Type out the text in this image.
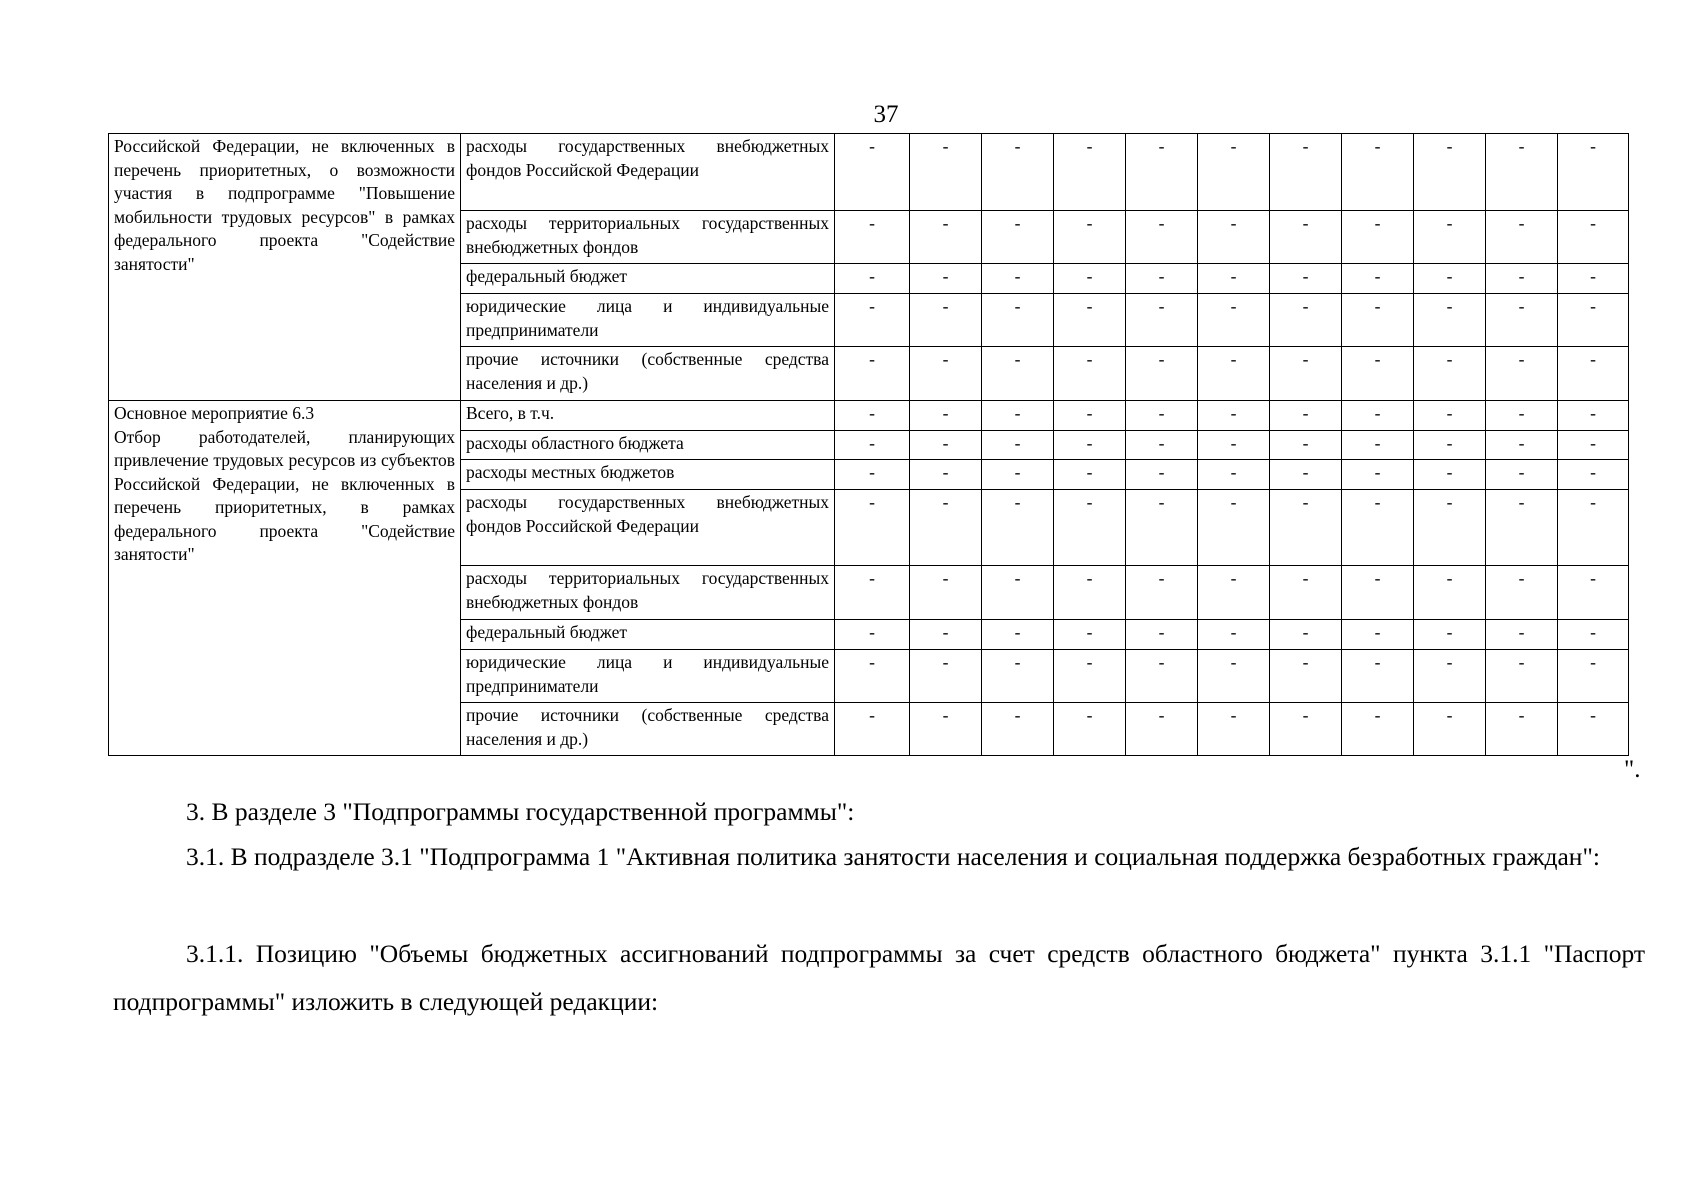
37
Российской Федерации, не включенных в перечень приоритетных, о возможности участия в подпрограмме "Повышение мобильности трудовых ресурсов" в рамках федерального проекта "Содействие занятости"	расходы государственных внебюджетных фондов Российской Федерации	-	-	-	-	-	-	-	-	-	-	-
	расходы территориальных государственных внебюджетных фондов	-	-	-	-	-	-	-	-	-	-	-
	федеральный бюджет	-	-	-	-	-	-	-	-	-	-	-
	юридические лица и индивидуальные предприниматели	-	-	-	-	-	-	-	-	-	-	-
	прочие источники (собственные средства населения и др.)	-	-	-	-	-	-	-	-	-	-	-

Основное мероприятие 6.3
Отбор работодателей, планирующих привлечение трудовых ресурсов из субъектов Российской Федерации, не включенных в перечень приоритетных, в рамках федерального проекта "Содействие занятости"	Всего, в т.ч.	-	-	-	-	-	-	-	-	-	-	-
	расходы областного бюджета	-	-	-	-	-	-	-	-	-	-	-
	расходы местных бюджетов	-	-	-	-	-	-	-	-	-	-	-
	расходы государственных внебюджетных фондов Российской Федерации	-	-	-	-	-	-	-	-	-	-	-
	расходы территориальных государственных внебюджетных фондов	-	-	-	-	-	-	-	-	-	-	-
	федеральный бюджет	-	-	-	-	-	-	-	-	-	-	-
	юридические лица и индивидуальные предприниматели	-	-	-	-	-	-	-	-	-	-	-
	прочие источники (собственные средства населения и др.)	-	-	-	-	-	-	-	-	-	-	-
".

3. В разделе 3 "Подпрограммы государственной программы":

3.1. В подразделе 3.1 "Подпрограмма 1 "Активная политика занятости населения и социальная поддержка безработных граждан":

3.1.1. Позицию "Объемы бюджетных ассигнований подпрограммы за счет средств областного бюджета" пункта 3.1.1 "Паспорт подпрограммы" изложить в следующей редакции:
